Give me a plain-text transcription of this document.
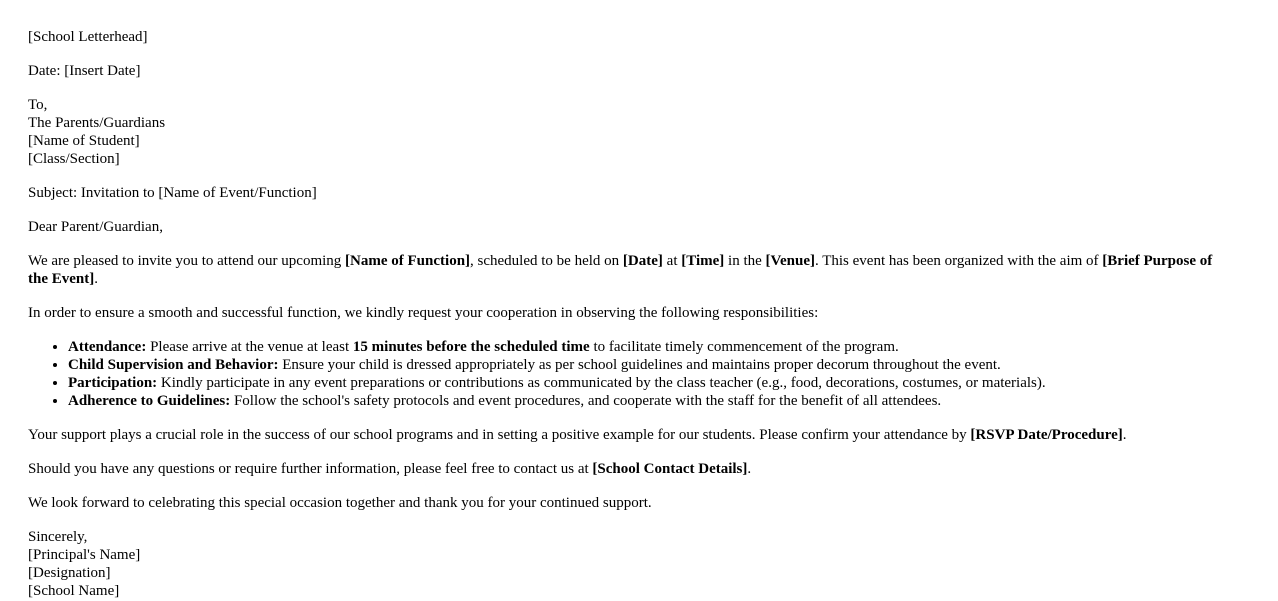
[School Letterhead]

Date: [Insert Date]

To,
The Parents/Guardians
[Name of Student]
[Class/Section]

Subject: Invitation to [Name of Event/Function]

Dear Parent/Guardian,

We are pleased to invite you to attend our upcoming [Name of Function], scheduled to be held on [Date] at [Time] in the [Venue]. This event has been organized with the aim of [Brief Purpose of the Event].

In order to ensure a smooth and successful function, we kindly request your cooperation in observing the following responsibilities:

• Attendance: Please arrive at the venue at least 15 minutes before the scheduled time to facilitate timely commencement of the program.
• Child Supervision and Behavior: Ensure your child is dressed appropriately as per school guidelines and maintains proper decorum throughout the event.
• Participation: Kindly participate in any event preparations or contributions as communicated by the class teacher (e.g., food, decorations, costumes, or materials).
• Adherence to Guidelines: Follow the school's safety protocols and event procedures, and cooperate with the staff for the benefit of all attendees.

Your support plays a crucial role in the success of our school programs and in setting a positive example for our students. Please confirm your attendance by [RSVP Date/Procedure].

Should you have any questions or require further information, please feel free to contact us at [School Contact Details].

We look forward to celebrating this special occasion together and thank you for your continued support.

Sincerely,
[Principal's Name]
[Designation]
[School Name]
